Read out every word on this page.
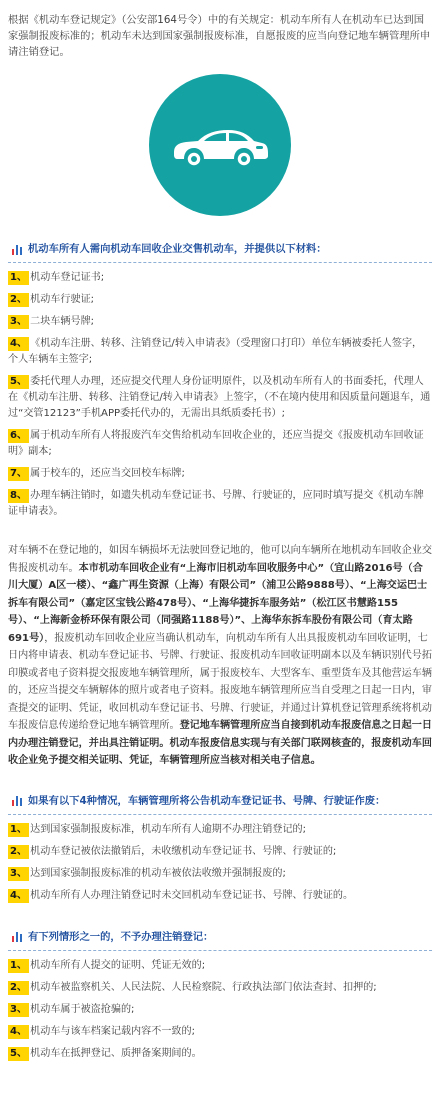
根据《机动车登记规定》（公安部164号令）中的有关规定：机动车所有人在机动车已达到国家强制报废标准的；机动车未达到国家强制报废标准，自愿报废的应当向登记地车辆管理所申请注销登记。
机动车所有人需向机动车回收企业交售机动车，并提供以下材料：
1、 机动车登记证书;
2、 机动车行驶证;
3、 二块车辆号牌;
4、 《机动车注册、转移、注销登记/转入申请表》（受理窗口打印）单位车辆被委托人签字，个人车辆车主签字;
5、 委托代理人办理，还应提交代理人身份证明原件，以及机动车所有人的书面委托，代理人在《机动车注册、转移、注销登记/转入申请表》上签字，（不在境内使用和因质量问题退车，通过“交管12123”手机APP委托代办的，无需出具纸质委托书）;
6、 属于机动车所有人将报废汽车交售给机动车回收企业的，还应当提交《报废机动车回收证明》副本;
7、 属于校车的，还应当交回校车标牌;
8、 办理车辆注销时，如遗失机动车登记证书、号牌、行驶证的，应同时填写提交《机动车牌证申请表》。
对车辆不在登记地的，如因车辆损坏无法驶回登记地的，他可以向车辆所在地机动车回收企业交售报废机动车。本市机动车回收企业有“上海市旧机动车回收服务中心”（宜山路2016号（合川大厦）A区一楼）、“鑫广再生资源（上海）有限公司”（浦卫公路9888号）、“上海交运巴士拆车有限公司”（嘉定区宝钱公路478号）、“上海华捷拆车服务站”（松江区书慧路155号）、“上海新金桥环保有限公司（同强路1188号）”、上海华东拆车股份有限公司（育太路691号），报废机动车回收企业应当确认机动车，向机动车所有人出具报废机动车回收证明，七日内将申请表、机动车登记证书、号牌、行驶证、报废机动车回收证明副本以及车辆识别代号拓印膜或者电子资料提交报废地车辆管理所，属于报废校车、大型客车、重型货车及其他营运车辆的，还应当提交车辆解体的照片或者电子资料。报废地车辆管理所应当自受理之日起一日内，审查提交的证明、凭证，收回机动车登记证书、号牌、行驶证，并通过计算机登记管理系统将机动车报废信息传递给登记地车辆管理所。登记地车辆管理所应当自接到机动车报废信息之日起一日内办理注销登记，并出具注销证明。机动车报废信息实现与有关部门联网核查的，报废机动车回收企业免予提交相关证明、凭证，车辆管理所应当核对相关电子信息。
如果有以下4种情况，车辆管理所将公告机动车登记证书、号牌、行驶证作废：
1、 达到国家强制报废标准，机动车所有人逾期不办理注销登记的;
2、 机动车登记被依法撤销后，未收缴机动车登记证书、号牌、行驶证的;
3、 达到国家强制报废标准的机动车被依法收缴并强制报废的;
4、 机动车所有人办理注销登记时未交回机动车登记证书、号牌、行驶证的。
有下列情形之一的，不予办理注销登记：
1、 机动车所有人提交的证明、凭证无效的;
2、 机动车被监察机关、人民法院、人民检察院、行政执法部门依法查封、扣押的;
3、 机动车属于被盗抢骗的;
4、 机动车与该车档案记载内容不一致的;
5、 机动车在抵押登记、质押备案期间的。
